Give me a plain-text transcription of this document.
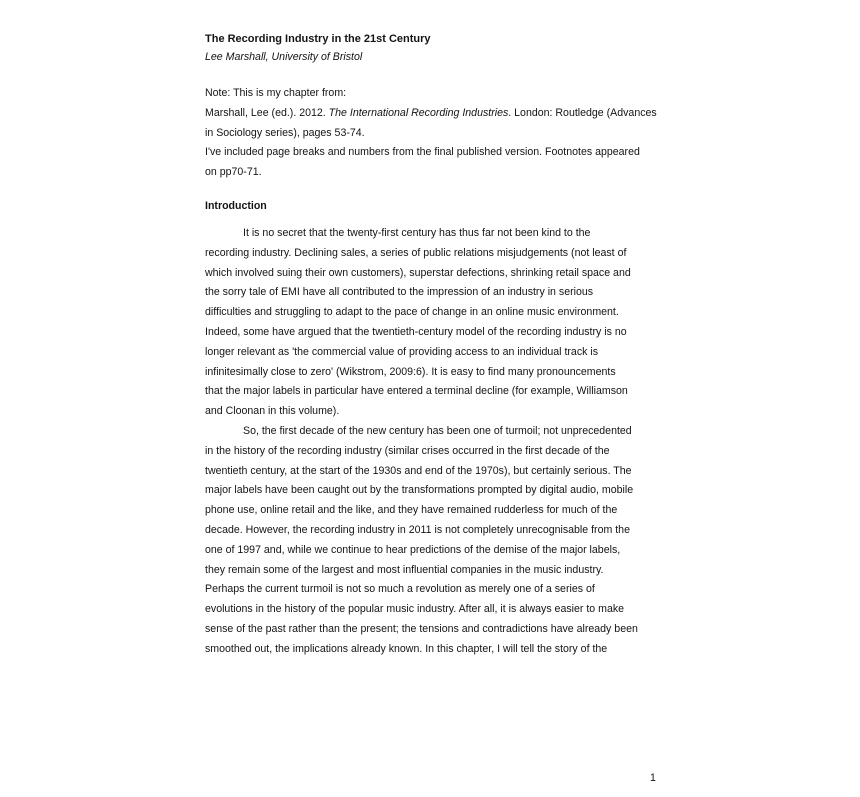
The Recording Industry in the 21st Century
Lee Marshall, University of Bristol
Note: This is my chapter from:
Marshall, Lee (ed.). 2012. The International Recording Industries. London: Routledge (Advances
in Sociology series), pages 53-74.
I've included page breaks and numbers from the final published version. Footnotes appeared
on pp70-71.
Introduction
It is no secret that the twenty-first century has thus far not been kind to the
recording industry. Declining sales, a series of public relations misjudgements (not least of
which involved suing their own customers), superstar defections, shrinking retail space and
the sorry tale of EMI have all contributed to the impression of an industry in serious
difficulties and struggling to adapt to the pace of change in an online music environment.
Indeed, some have argued that the twentieth-century model of the recording industry is no
longer relevant as 'the commercial value of providing access to an individual track is
infinitesimally close to zero' (Wikstrom, 2009:6). It is easy to find many pronouncements
that the major labels in particular have entered a terminal decline (for example, Williamson
and Cloonan in this volume).
So, the first decade of the new century has been one of turmoil; not unprecedented
in the history of the recording industry (similar crises occurred in the first decade of the
twentieth century, at the start of the 1930s and end of the 1970s), but certainly serious. The
major labels have been caught out by the transformations prompted by digital audio, mobile
phone use, online retail and the like, and they have remained rudderless for much of the
decade. However, the recording industry in 2011 is not completely unrecognisable from the
one of 1997 and, while we continue to hear predictions of the demise of the major labels,
they remain some of the largest and most influential companies in the music industry.
Perhaps the current turmoil is not so much a revolution as merely one of a series of
evolutions in the history of the popular music industry. After all, it is always easier to make
sense of the past rather than the present; the tensions and contradictions have already been
smoothed out, the implications already known. In this chapter, I will tell the story of the
1
